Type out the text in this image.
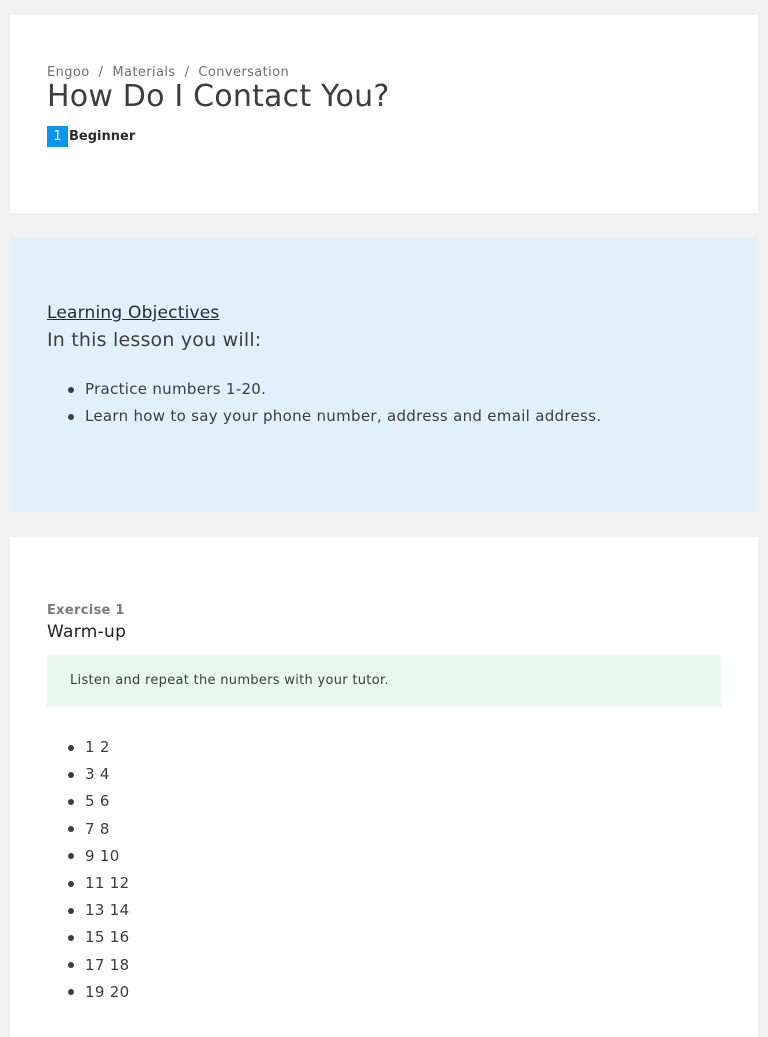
Engoo / Materials / Conversation
How Do I Contact You?
1 Beginner
Learning Objectives
In this lesson you will:
Practice numbers 1-20.
Learn how to say your phone number, address and email address.
Exercise 1
Warm-up
Listen and repeat the numbers with your tutor.
1 2
3 4
5 6
7 8
9 10
11 12
13 14
15 16
17 18
19 20
